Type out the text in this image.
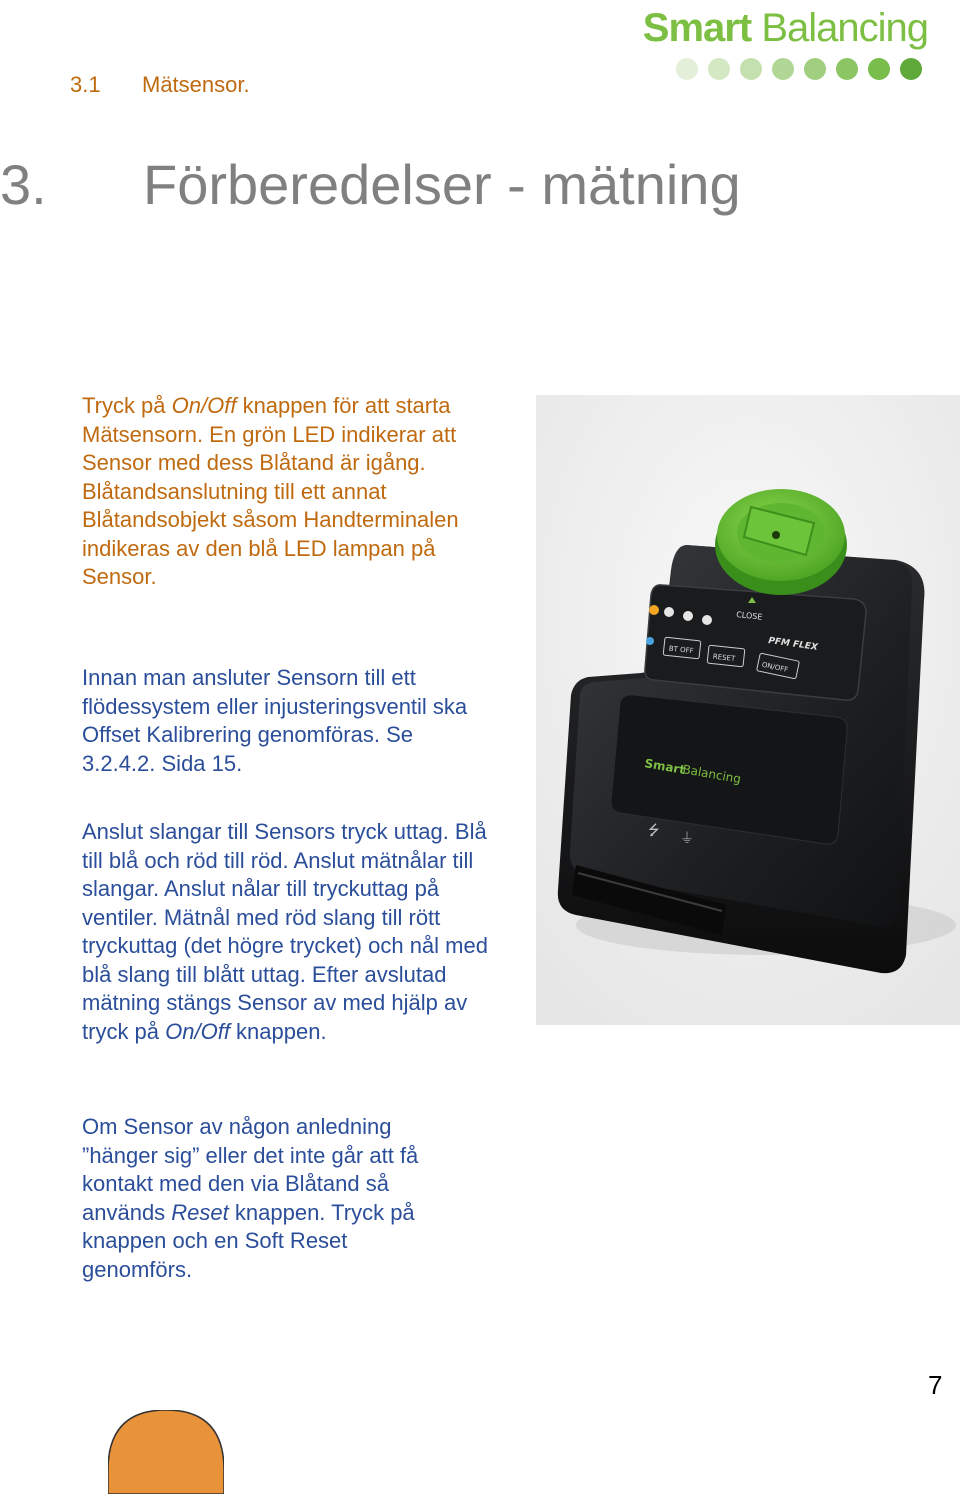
Smart Balancing
3. Förberedelser - mätning
3.1 Mätsensor.
Tryck på On/Off knappen för att starta Mätsensorn. En grön LED indikerar att Sensor med dess Blåtand är igång. Blåtandsanslutning till ett annat Blåtandsobjekt såsom Handterminalen indikeras av den blå LED lampan på Sensor.
Innan man ansluter Sensorn till ett flödessystem eller injusteringsventil ska Offset Kalibrering genomföras. Se 3.2.4.2. Sida 15.
Anslut slangar till Sensors tryck uttag. Blå till blå och röd till röd. Anslut mätnålar till slangar. Anslut nålar till tryckuttag på ventiler. Mätnål med röd slang till rött tryckuttag (det högre trycket) och nål med blå slang till blått uttag. Efter avslutad mätning stängs Sensor av med hjälp av tryck på On/Off knappen.
Om Sensor av någon anledning ”hänger sig” eller det inte går att få kontakt med den via Blåtand så används Reset knappen. Tryck på knappen och en Soft Reset genomförs.
CLOSE
BT OFF
RESET
ON/OFF
PFM FLEX
Smart
Balancing
⭍ ⏚
7
